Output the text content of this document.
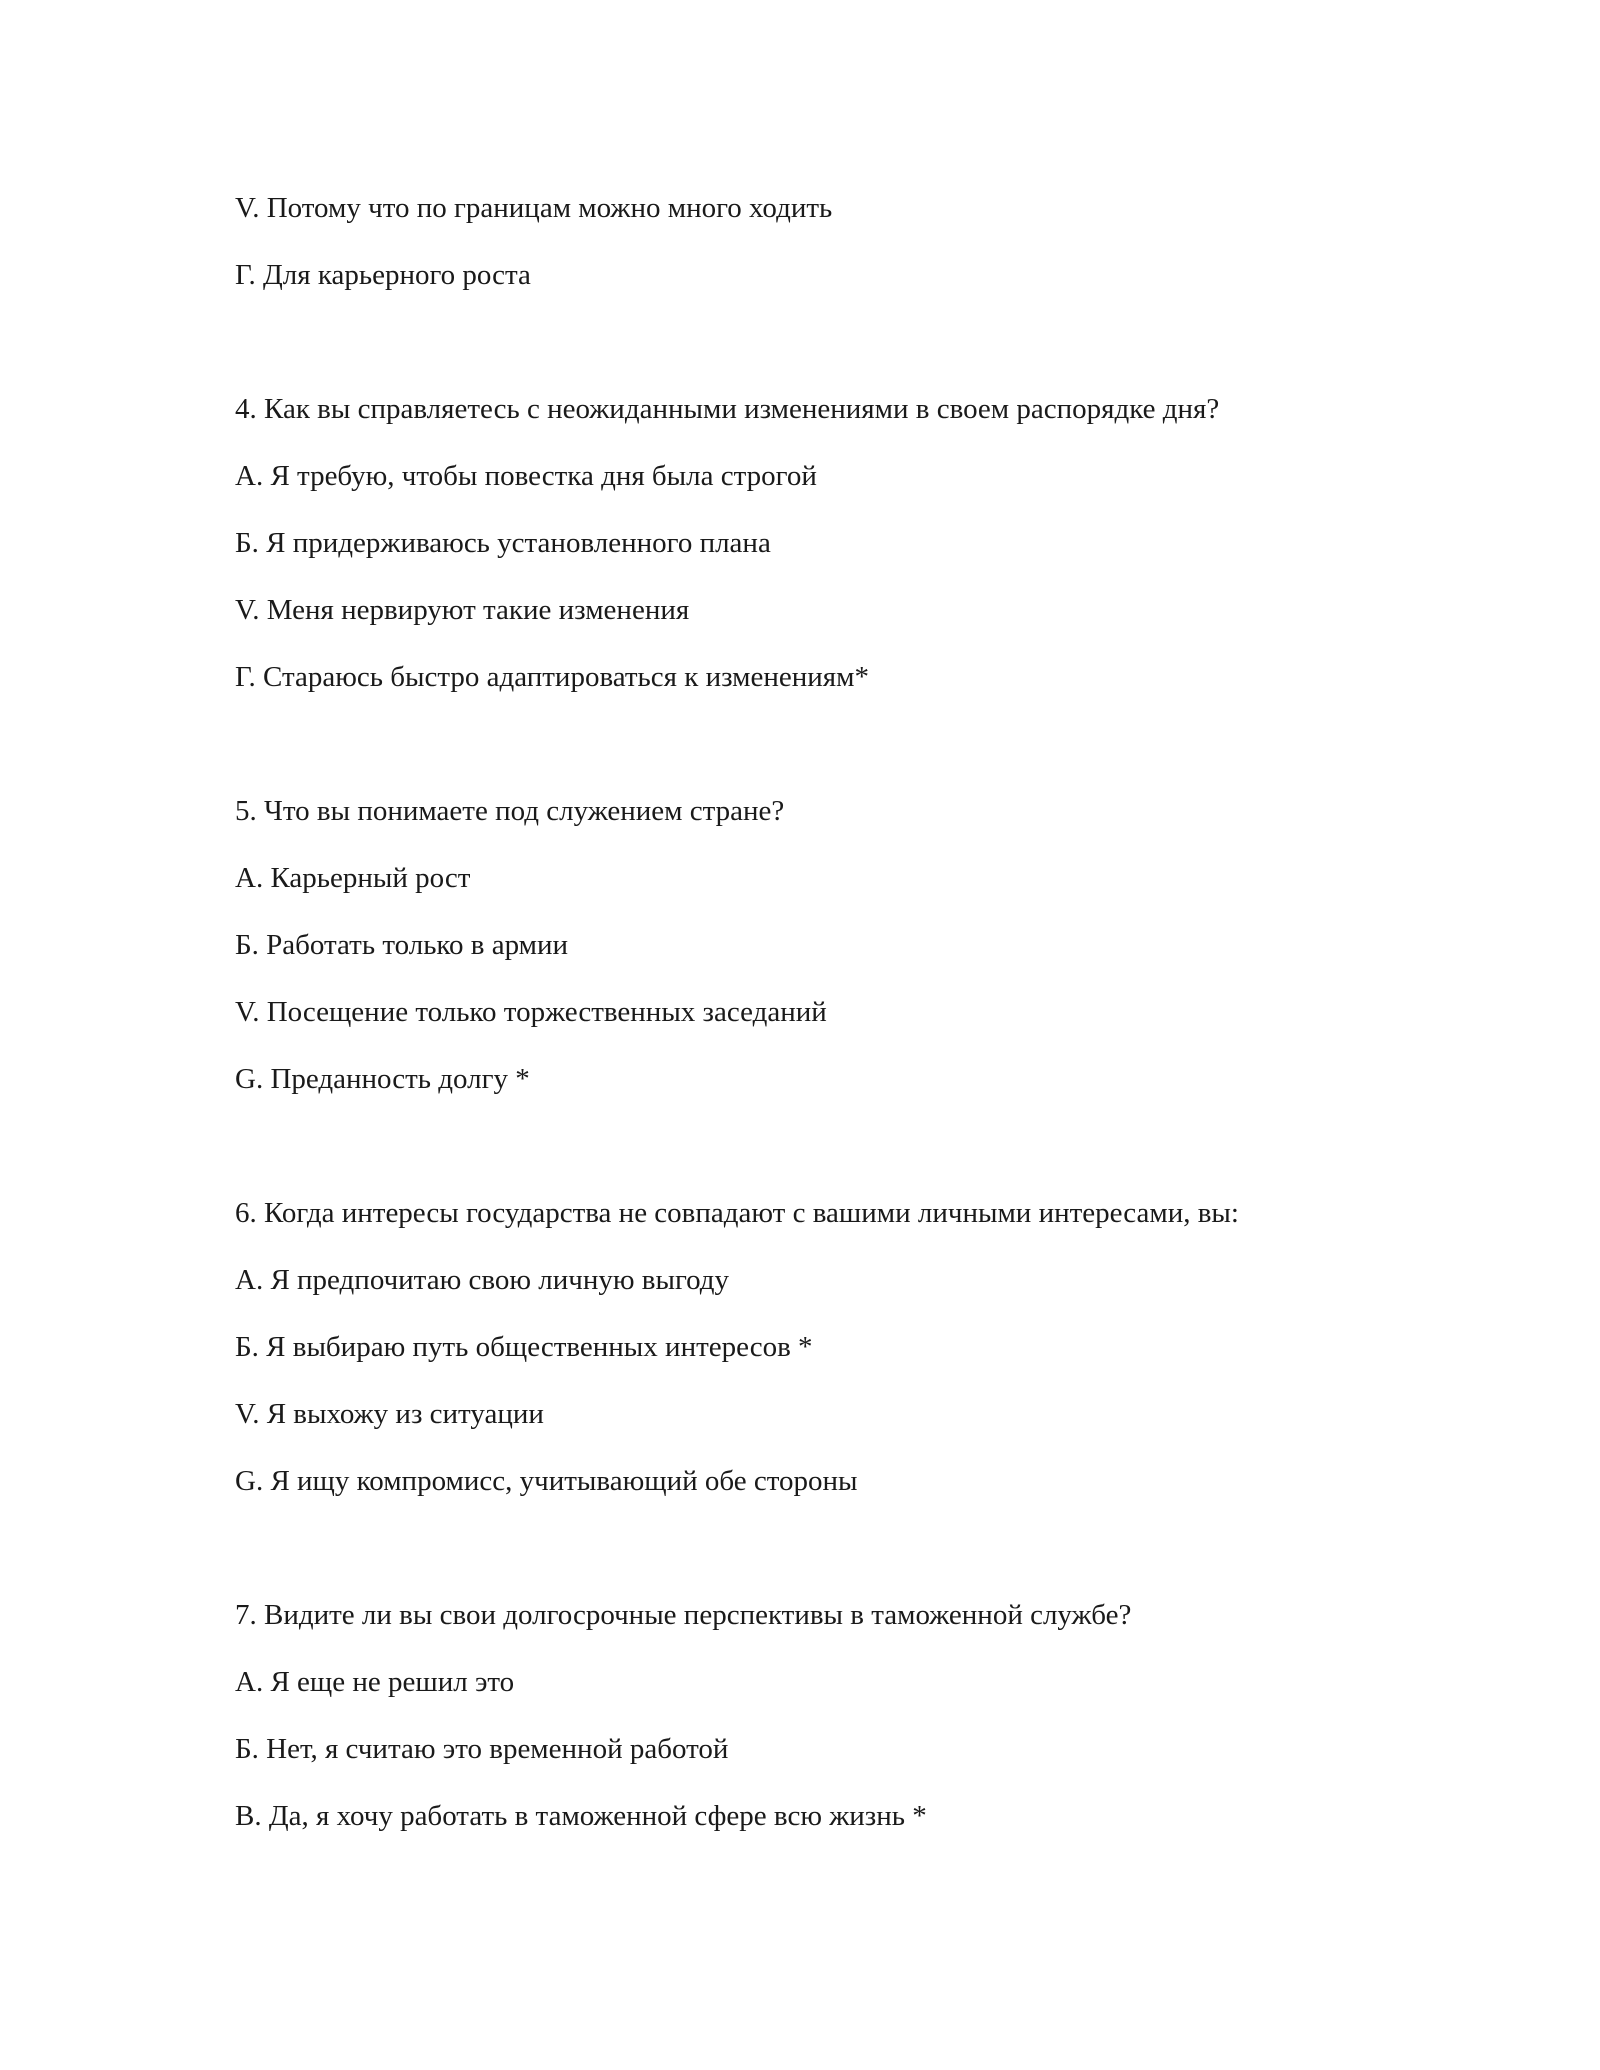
V. Потому что по границам можно много ходить
Г. Для карьерного роста
4. Как вы справляетесь с неожиданными изменениями в своем распорядке дня?
А. Я требую, чтобы повестка дня была строгой
Б. Я придерживаюсь установленного плана
V. Меня нервируют такие изменения
Г. Стараюсь быстро адаптироваться к изменениям*
5. Что вы понимаете под служением стране?
А. Карьерный рост
Б. Работать только в армии
V. Посещение только торжественных заседаний
G. Преданность долгу *
6. Когда интересы государства не совпадают с вашими личными интересами, вы:
А. Я предпочитаю свою личную выгоду
Б. Я выбираю путь общественных интересов *
V. Я выхожу из ситуации
G. Я ищу компромисс, учитывающий обе стороны
7. Видите ли вы свои долгосрочные перспективы в таможенной службе?
А. Я еще не решил это
Б. Нет, я считаю это временной работой
В. Да, я хочу работать в таможенной сфере всю жизнь *
